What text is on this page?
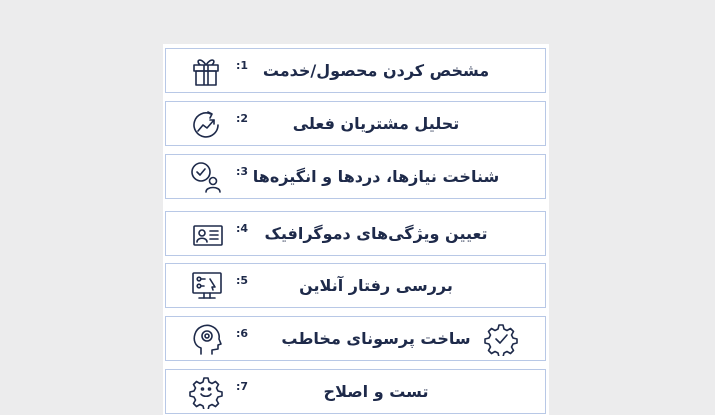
:1 مشخص کردن محصول/خدمت
:2	تحلیل مشتریان فعلی
:3 شناخت نیازها، دردها و انگیزه‌ها
:4	تعیین ویژگی‌های دموگرافیک
:5	بررسی رفتار آنلاین
:6	ساخت پرسونای مخاطب
:7	تست و اصلاح
